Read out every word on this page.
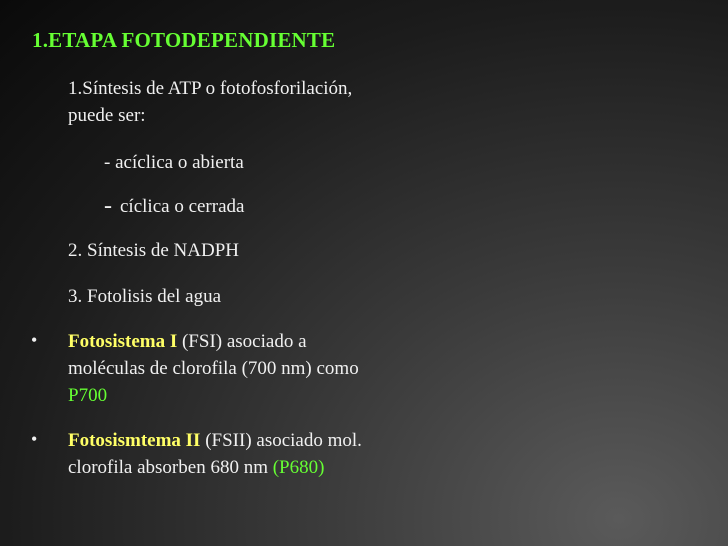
1.ETAPA FOTODEPENDIENTE
1.Síntesis de ATP o fotofosforilación,
puede ser:
- acíclica o abierta
- cíclica o cerrada
2. Síntesis de NADPH
3. Fotolisis del agua
• Fotosistema I (FSI) asociado a
moléculas de clorofila (700 nm) como
P700
• Fotosismtema II (FSII) asociado mol.
clorofila absorben 680 nm (P680)
